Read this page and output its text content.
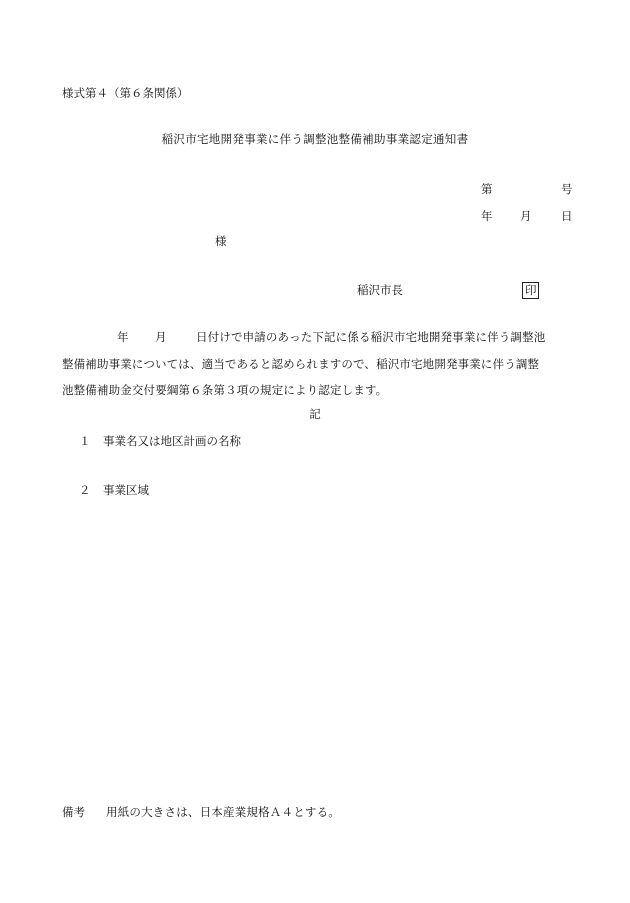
様式第４（第６条関係）
稲沢市宅地開発事業に伴う調整池整備補助事業認定通知書
第	号
年 月	日
様
稲沢市長	印
年 月	日付けで申請のあった下記に係る稲沢市宅地開発事業に伴う調整池
整備補助事業については、適当であると認められますので、稲沢市宅地開発事業に伴う調整
池整備補助金交付要綱第６条第３項の規定により認定します。
記
１ 事業名又は地区計画の名称
２ 事業区域
備考 用紙の大きさは、日本産業規格Ａ４とする。
